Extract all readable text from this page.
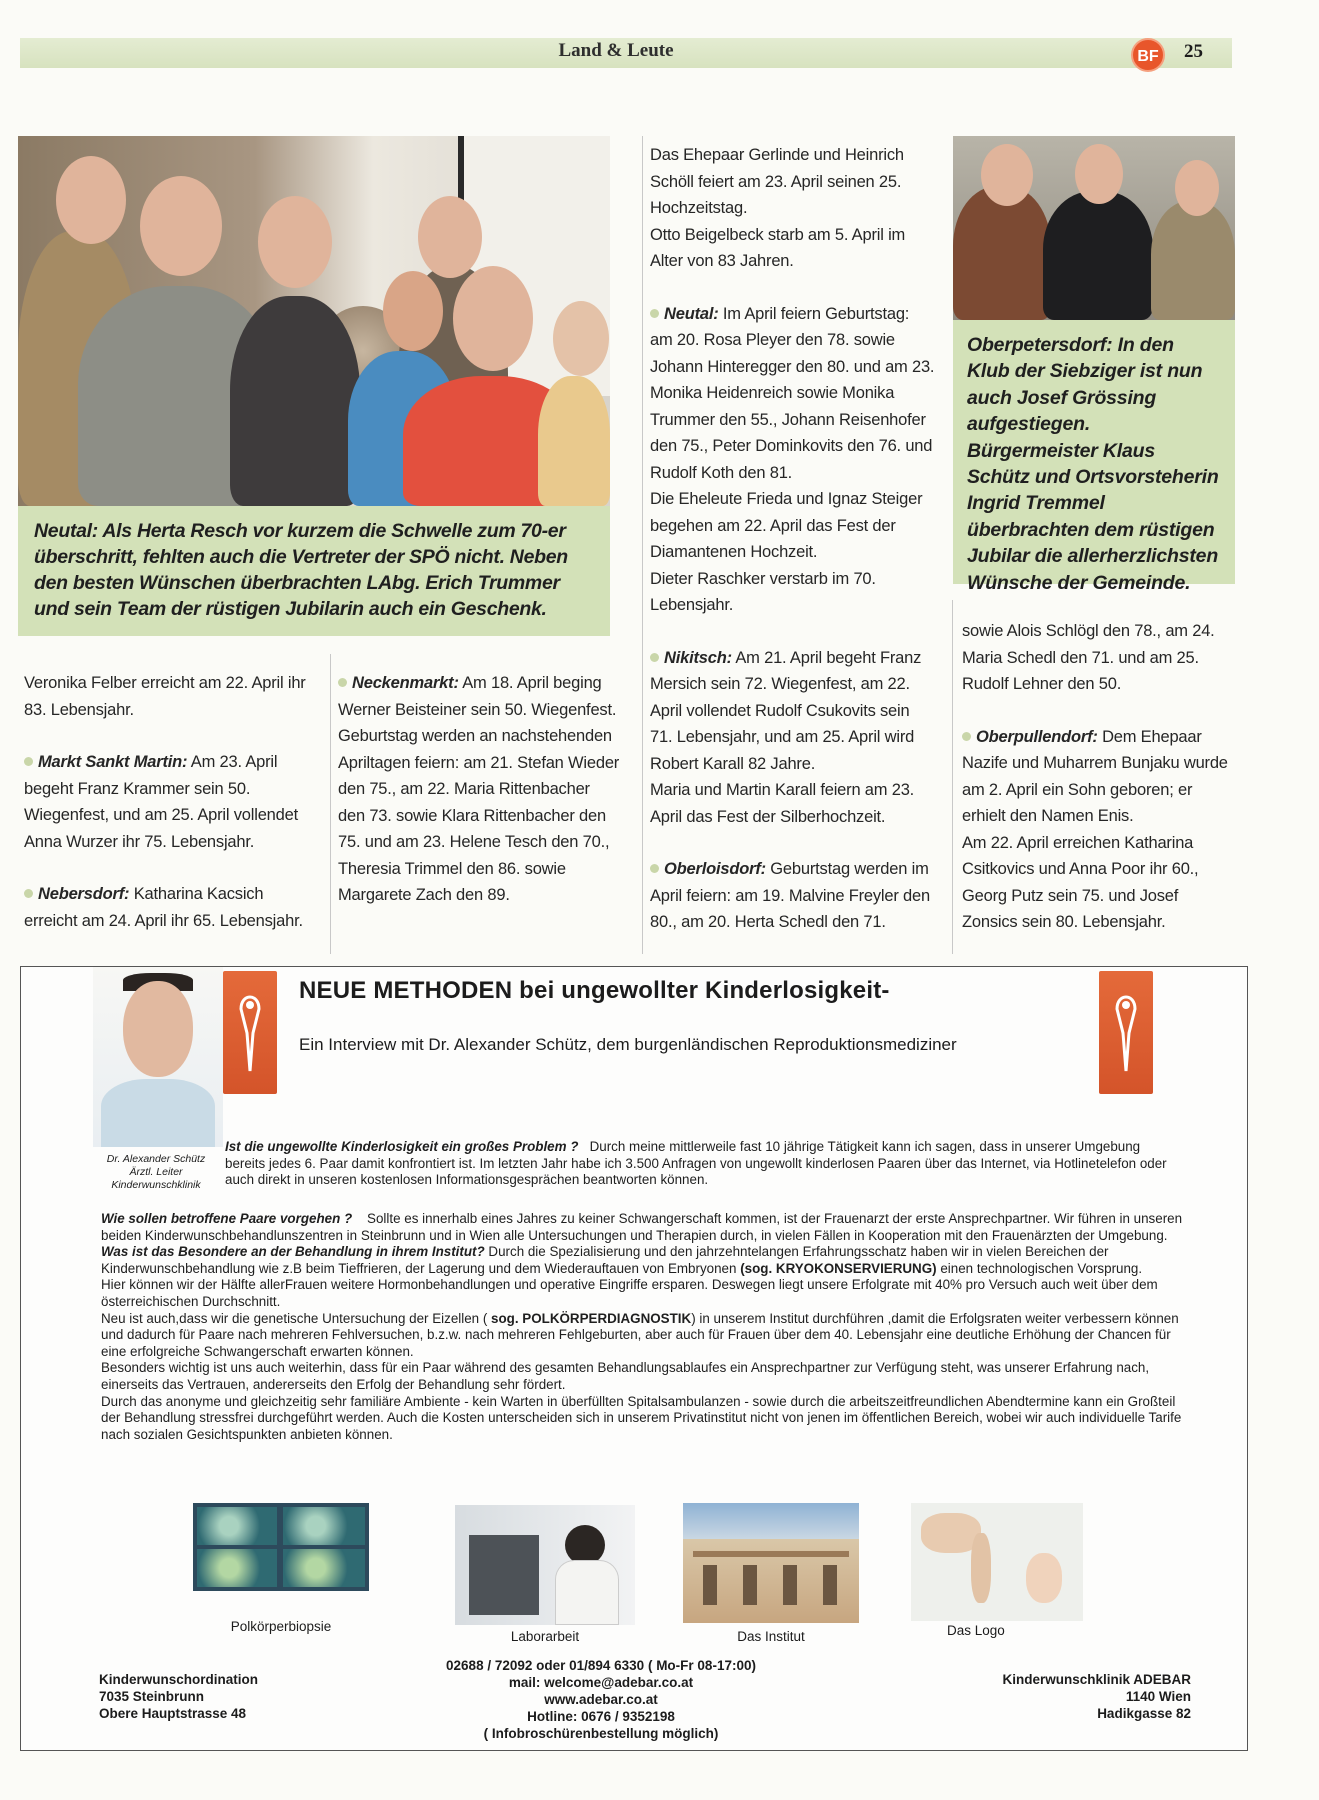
Land & Leute	BF	25
Neutal: Als Herta Resch vor kurzem die Schwelle zum 70-er überschritt, fehlten auch die Vertreter der SPÖ nicht. Neben den besten Wünschen überbrachten LAbg. Erich Trummer und sein Team der rüstigen Jubilarin auch ein Geschenk.
Oberpetersdorf: In den Klub der Siebziger ist nun auch Josef Grössing aufgestiegen. Bürgermeister Klaus Schütz und Ortsvorsteherin Ingrid Tremmel überbrachten dem rüstigen Jubilar die allerherzlichsten Wünsche der Gemeinde.

Veronika Felber erreicht am 22. April ihr 83. Lebensjahr.

Markt Sankt Martin: Am 23. April begeht Franz Krammer sein 50. Wiegenfest, und am 25. April vollendet Anna Wurzer ihr 75. Lebensjahr.

Nebersdorf: Katharina Kacsich erreicht am 24. April ihr 65. Lebensjahr.

Neckenmarkt: Am 18. April beging Werner Beisteiner sein 50. Wiegenfest.

Geburtstag werden an nachstehenden Apriltagen feiern: am 21. Stefan Wieder den 75., am 22. Maria Rittenbacher den 73. sowie Klara Rittenbacher den 75. und am 23. Helene Tesch den 70., Theresia Trimmel den 86. sowie Margarete Zach den 89.

Das Ehepaar Gerlinde und Heinrich Schöll feiert am 23. April seinen 25. Hochzeitstag.

Otto Beigelbeck starb am 5. April im Alter von 83 Jahren.

Neutal: Im April feiern Geburtstag: am 20. Rosa Pleyer den 78. sowie Johann Hinteregger den 80. und am 23. Monika Heidenreich sowie Monika Trummer den 55., Johann Reisenhofer den 75., Peter Dominkovits den 76. und Rudolf Koth den 81.

Die Eheleute Frieda und Ignaz Steiger begehen am 22. April das Fest der Diamantenen Hochzeit.

Dieter Raschker verstarb im 70. Lebensjahr.

Nikitsch: Am 21. April begeht Franz Mersich sein 72. Wiegenfest, am 22. April vollendet Rudolf Csukovits sein 71. Lebensjahr, und am 25. April wird Robert Karall 82 Jahre.

Maria und Martin Karall feiern am 23. April das Fest der Silberhochzeit.

Oberloisdorf: Geburtstag werden im April feiern: am 19. Malvine Freyler den 80., am 20. Herta Schedl den 71.

sowie Alois Schlögl den 78., am 24. Maria Schedl den 71. und am 25. Rudolf Lehner den 50.

Oberpullendorf: Dem Ehepaar Nazife und Muharrem Bunjaku wurde am 2. April ein Sohn geboren; er erhielt den Namen Enis.

Am 22. April erreichen Katharina Csitkovics und Anna Poor ihr 60., Georg Putz sein 75. und Josef Zonsics sein 80. Lebensjahr.

Dr. Alexander Schütz
Ärztl. Leiter
Kinderwunschklinik
NEUE METHODEN bei ungewollter Kinderlosigkeit-
Ein Interview mit Dr. Alexander Schütz, dem burgenländischen Reproduktionsmediziner
Ist die ungewollte Kinderlosigkeit ein großes Problem ? Durch meine mittlerweile fast 10 jährige Tätigkeit kann ich sagen, dass in unserer Umgebung bereits jedes 6. Paar damit konfrontiert ist. Im letzten Jahr habe ich 3.500 Anfragen von ungewollt kinderlosen Paaren über das Internet, via Hotlinetelefon oder auch direkt in unseren kostenlosen Informationsgesprächen beantworten können.

Wie sollen betroffene Paare vorgehen ? Sollte es innerhalb eines Jahres zu keiner Schwangerschaft kommen, ist der Frauenarzt der erste Ansprechpartner. Wir führen in unseren beiden Kinderwunschbehandlunszentren in Steinbrunn und in Wien alle Untersuchungen und Therapien durch, in vielen Fällen in Kooperation mit den Frauenärzten der Umgebung.

Was ist das Besondere an der Behandlung in ihrem Institut? Durch die Spezialisierung und den jahrzehntelangen Erfahrungsschatz haben wir in vielen Bereichen der Kinderwunschbehandlung wie z.B beim Tieffrieren, der Lagerung und dem Wiederauftauen von Embryonen (sog. KRYOKONSERVIERUNG) einen technologischen Vorsprung.

Hier können wir der Hälfte allerFrauen weitere Hormonbehandlungen und operative Eingriffe ersparen. Deswegen liegt unsere Erfolgrate mit 40% pro Versuch auch weit über dem österreichischen Durchschnitt.

Neu ist auch,dass wir die genetische Untersuchung der Eizellen ( sog. POLKÖRPERDIAGNOSTIK) in unserem Institut durchführen ,damit die Erfolgsraten weiter verbessern können und dadurch für Paare nach mehreren Fehlversuchen, b.z.w. nach mehreren Fehlgeburten, aber auch für Frauen über dem 40. Lebensjahr eine deutliche Erhöhung der Chancen für eine erfolgreiche Schwangerschaft erwarten können.

Besonders wichtig ist uns auch weiterhin, dass für ein Paar während des gesamten Behandlungsablaufes ein Ansprechpartner zur Verfügung steht, was unserer Erfahrung nach, einerseits das Vertrauen, andererseits den Erfolg der Behandlung sehr fördert.

Durch das anonyme und gleichzeitig sehr familiäre Ambiente - kein Warten in überfüllten Spitalsambulanzen - sowie durch die arbeitszeitfreundlichen Abendtermine kann ein Großteil der Behandlung stressfrei durchgeführt werden. Auch die Kosten unterscheiden sich in unserem Privatinstitut nicht von jenen im öffentlichen Bereich, wobei wir auch individuelle Tarife nach sozialen Gesichtspunkten anbieten können.

Polkörperbiopsie
Laborarbeit	Das Institut	Das Logo
Kinderwunschordination
7035 Steinbrunn
Obere Hauptstrasse 48
02688 / 72092 oder 01/894 6330 ( Mo-Fr 08-17:00)
mail: welcome@adebar.co.at
www.adebar.co.at
Hotline: 0676 / 9352198
( Infobroschürenbestellung möglich)
Kinderwunschklinik ADEBAR
1140 Wien
Hadikgasse 82
